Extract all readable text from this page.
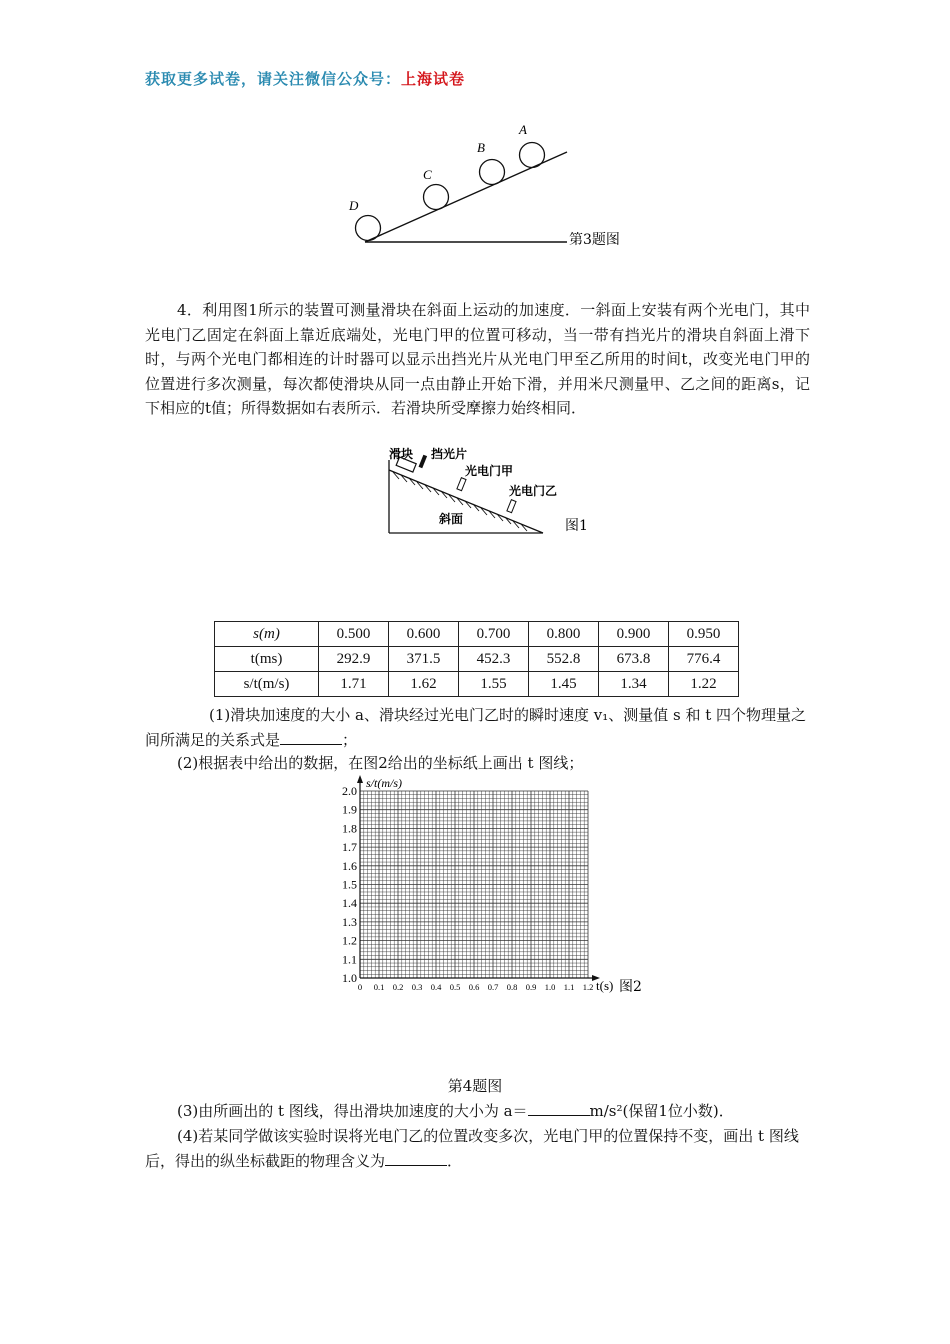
获取更多试卷，请关注微信公众号：上海试卷
A
B
C
D
第3题图
4．利用图1所示的装置可测量滑块在斜面上运动的加速度．一斜面上安装有两个光电门，其中光电门乙固定在斜面上靠近底端处，光电门甲的位置可移动，当一带有挡光片的滑块自斜面上滑下时，与两个光电门都相连的计时器可以显示出挡光片从光电门甲至乙所用的时间t，改变光电门甲的位置进行多次测量，每次都使滑块从同一点由静止开始下滑，并用米尺测量甲、乙之间的距离s，记下相应的t值；所得数据如右表所示．若滑块所受摩擦力始终相同．
滑块 挡光片
光电门甲
光电门乙
斜面	图1
s(m)	0.500	0.600	0.700	0.800	0.900	0.950
t(ms)	292.9	371.5	452.3	552.8	673.8	776.4
s/t(m/s)	1.71	1.62	1.55	1.45	1.34	1.22
(1)滑块加速度的大小 a、滑块经过光电门乙时的瞬时速度 v₁、测量值 s 和 t 四个物理量之间所满足的关系式是	；
(2)根据表中给出的数据，在图2给出的坐标纸上画出 t 图线；
2.0
1.9
1.8
1.7
1.6
1.5
1.4
1.3
1.2
1.1
1.0
0 0.1 0.2 0.3 0.4 0.5 0.6 0.7 0.8 0.9 1.0 1.1 1.2
s/t(m/s)
t(s) 图2
第4题图
(3)由所画出的 t 图线，得出滑块加速度的大小为 a＝	m/s²(保留1位小数)．
(4)若某同学做该实验时误将光电门乙的位置改变多次，光电门甲的位置保持不变，画出 t 图线后，得出的纵坐标截距的物理含义为	．
